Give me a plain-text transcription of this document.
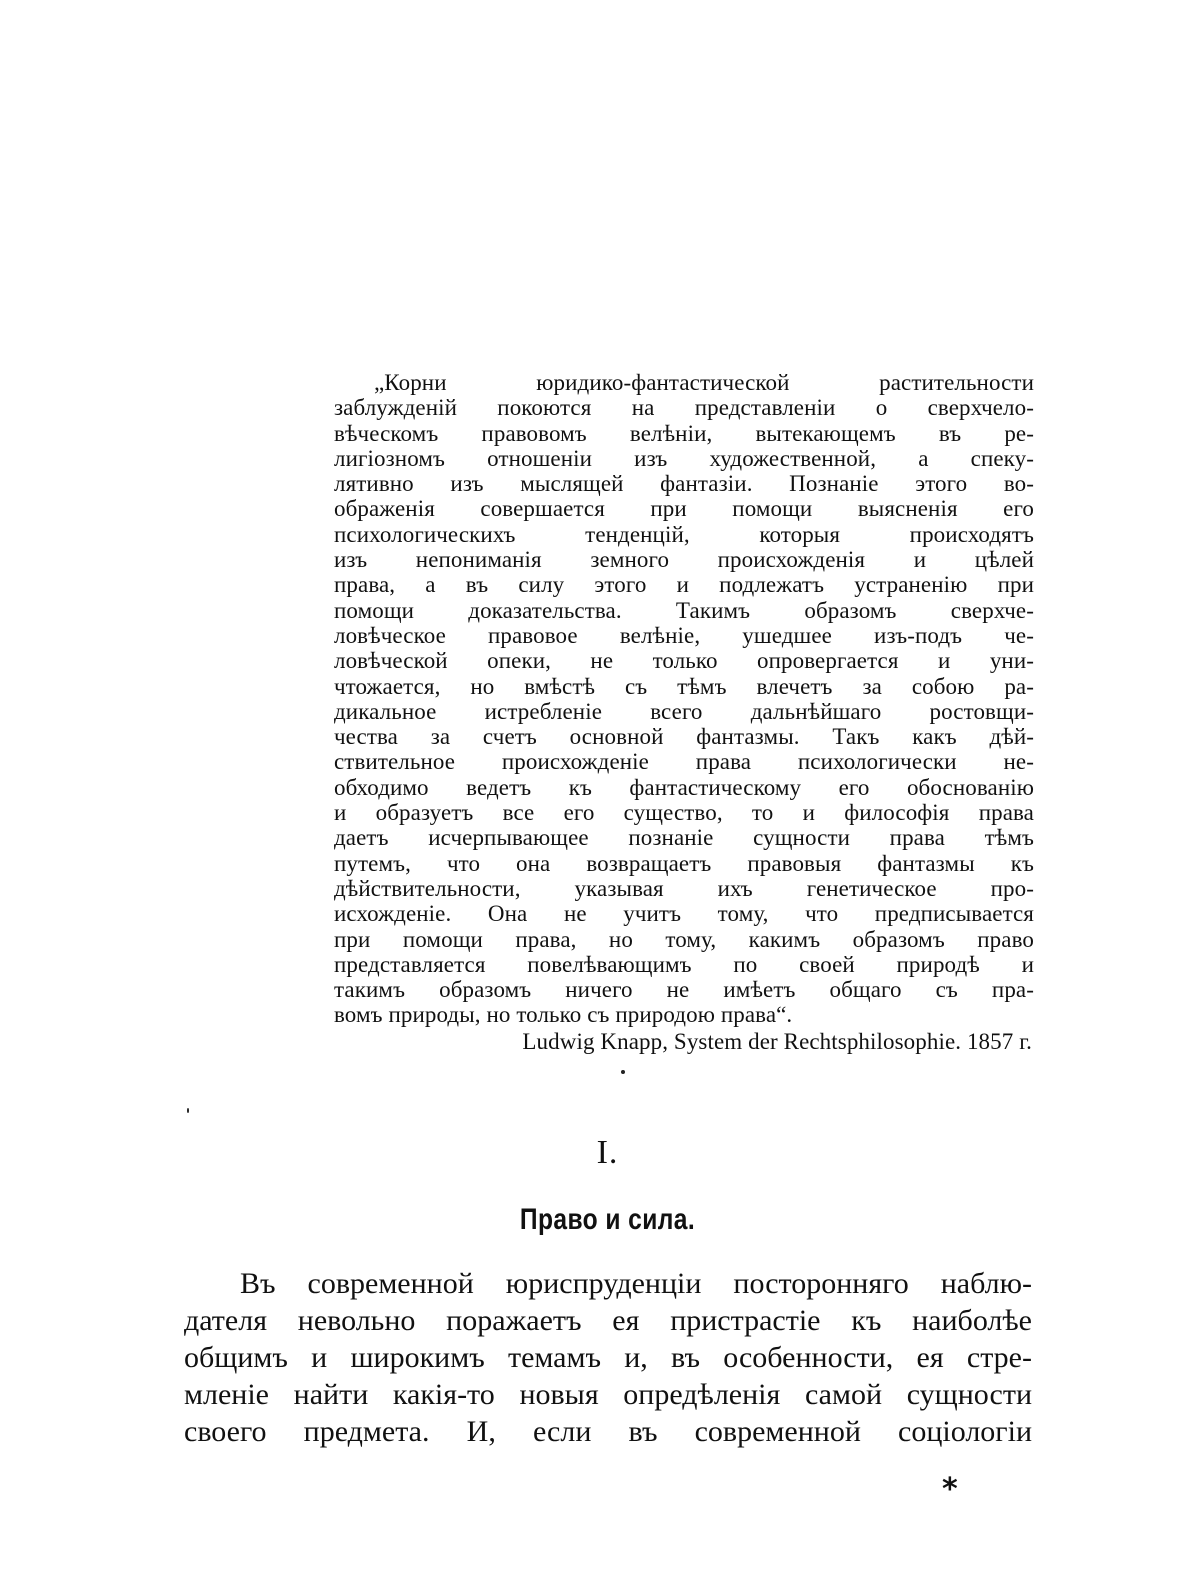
„Корни юридико-фантастической растительности
заблужденій покоются на представленіи о сверхчело-
вѣческомъ правовомъ велѣніи, вытекающемъ въ ре-
лигіозномъ отношеніи изъ художественной, а спеку-
лятивно изъ мыслящей фантазіи. Познаніе этого во-
ображенія совершается при помощи выясненія его
психологическихъ тенденцій, которыя происходятъ
изъ непониманія земного происхожденія и цѣлей
права, а въ силу этого и подлежатъ устраненію при
помощи доказательства. Такимъ образомъ сверхче-
ловѣческое правовое велѣніе, ушедшее изъ-подъ че-
ловѣческой опеки, не только опровергается и уни-
чтожается, но вмѣстѣ съ тѣмъ влечетъ за собою ра-
дикальное истребленіе всего дальнѣйшаго ростовщи-
чества за счетъ основной фантазмы. Такъ какъ дѣй-
ствительное происхожденіе права психологически не-
обходимо ведетъ къ фантастическому его обоснованію
и образуетъ все его существо, то и философія права
даетъ исчерпывающее познаніе сущности права тѣмъ
путемъ, что она возвращаетъ правовыя фантазмы къ
дѣйствительности, указывая ихъ генетическое про-
исхожденіе. Она не учитъ тому, что предписывается
при помощи права, но тому, какимъ образомъ право
представляется повелѣвающимъ по своей природѣ и
такимъ образомъ ничего не имѣетъ общаго съ пра-
вомъ природы, но только съ природою права“.
Ludwig Knapp, System der Rechtsphilosophie. 1857 г.
I.
Право и сила.
Въ современной юриспруденціи посторонняго наблю-
дателя невольно поражаетъ ея пристрастіе къ наиболѣе
общимъ и широкимъ темамъ и, въ особенности, ея стре-
мленіе найти какія-то новыя опредѣленія самой сущности
своего предмета. И, если въ современной соціологіи
*
